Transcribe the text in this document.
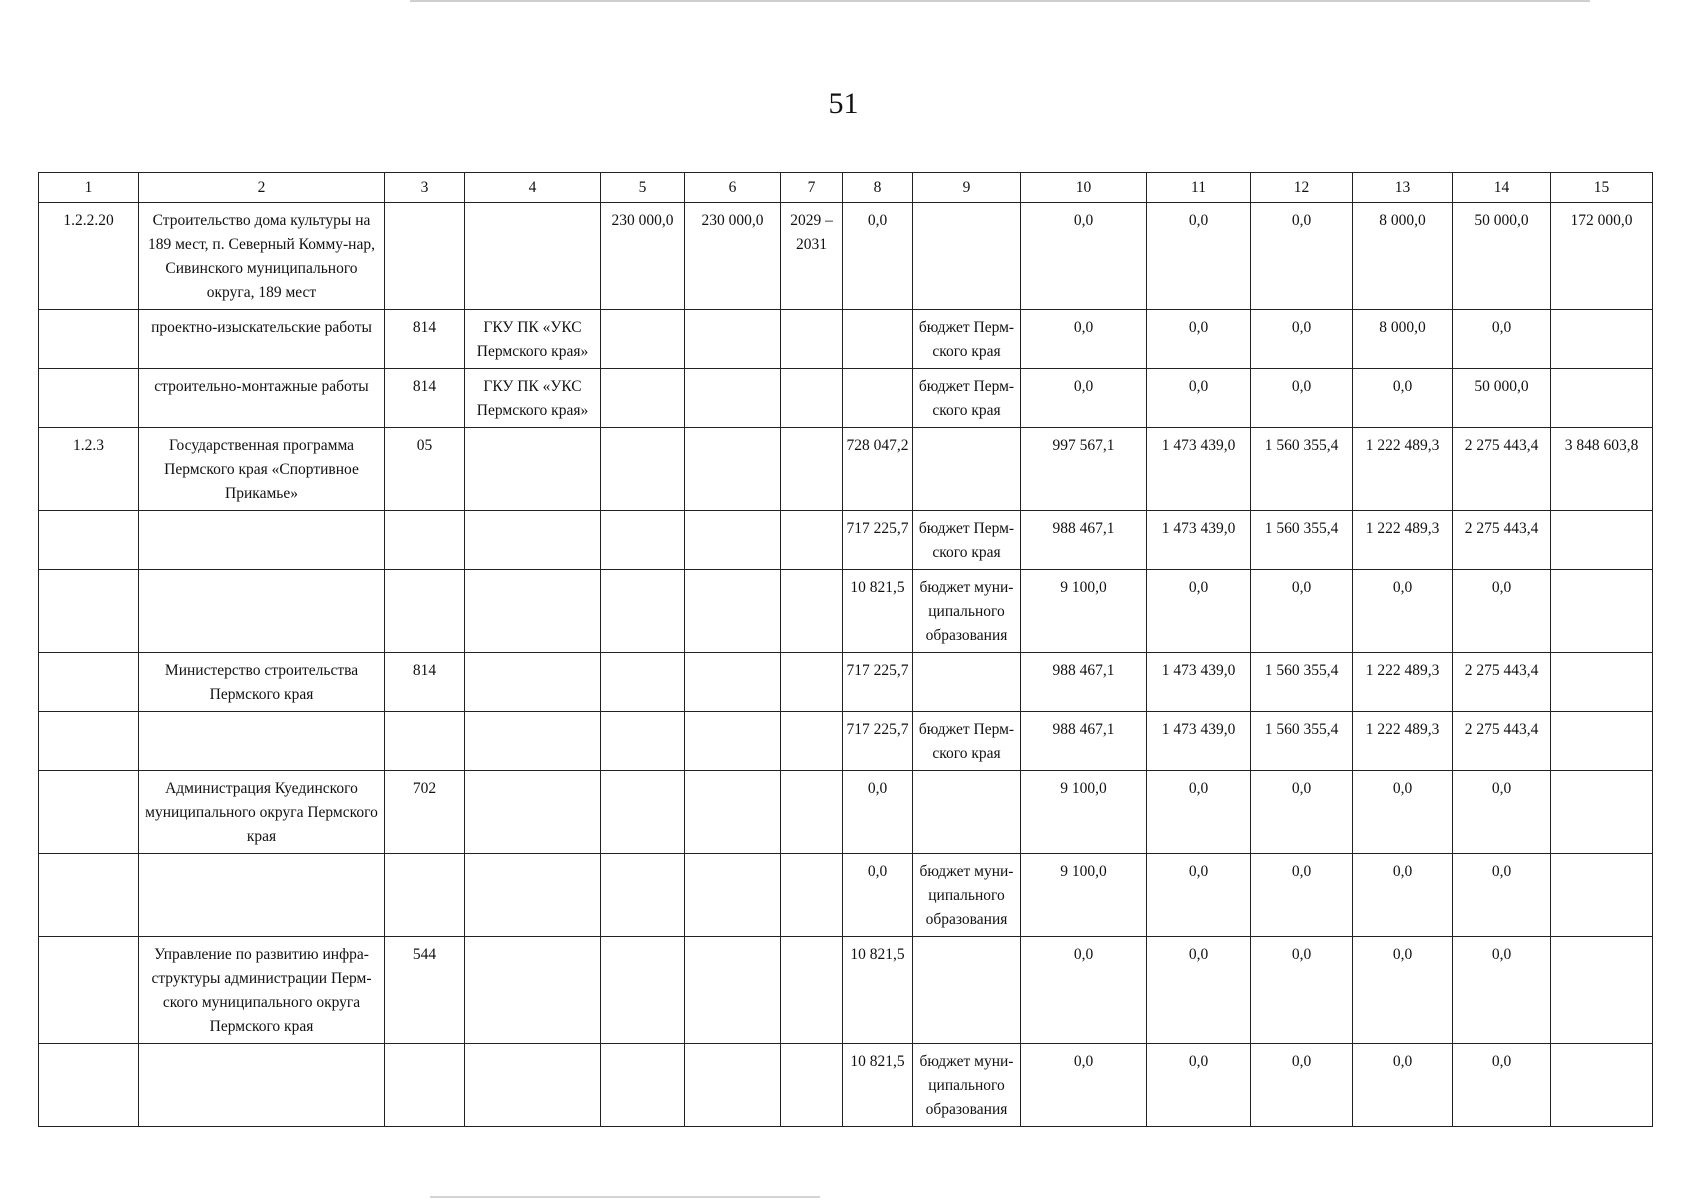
51
1	2	3	4	5	6	7	8	9	10	11	12	13	14	15
1.2.2.20	Строительство дома культуры на 189 мест, п. Северный Комму-нар, Сивинского муниципального округа, 189 мест			230 000,0	230 000,0	2029 – 2031	0,0		0,0	0,0	0,0	8 000,0	50 000,0	172 000,0
	проектно-изыскательские работы	814	ГКУ ПК «УКС Пермского края»					бюджет Перм-ского края	0,0	0,0	0,0	8 000,0	0,0	
	строительно-монтажные работы	814	ГКУ ПК «УКС Пермского края»					бюджет Перм-ского края	0,0	0,0	0,0	0,0	50 000,0	
1.2.3	Государственная программа Пермского края «Спортивное Прикамье»	05					728 047,2		997 567,1	1 473 439,0	1 560 355,4	1 222 489,3	2 275 443,4	3 848 603,8
							717 225,7	бюджет Перм-ского края	988 467,1	1 473 439,0	1 560 355,4	1 222 489,3	2 275 443,4	
							10 821,5	бюджет муни-ципального образования	9 100,0	0,0	0,0	0,0	0,0	
	Министерство строительства Пермского края	814					717 225,7		988 467,1	1 473 439,0	1 560 355,4	1 222 489,3	2 275 443,4	
							717 225,7	бюджет Перм-ского края	988 467,1	1 473 439,0	1 560 355,4	1 222 489,3	2 275 443,4	
	Администрация Куединского муниципального округа Пермского края	702					0,0		9 100,0	0,0	0,0	0,0	0,0	
							0,0	бюджет муни-ципального образования	9 100,0	0,0	0,0	0,0	0,0	
	Управление по развитию инфра-структуры администрации Перм-ского муниципального округа Пермского края	544					10 821,5		0,0	0,0	0,0	0,0	0,0	
							10 821,5	бюджет муни-ципального образования	0,0	0,0	0,0	0,0	0,0	
